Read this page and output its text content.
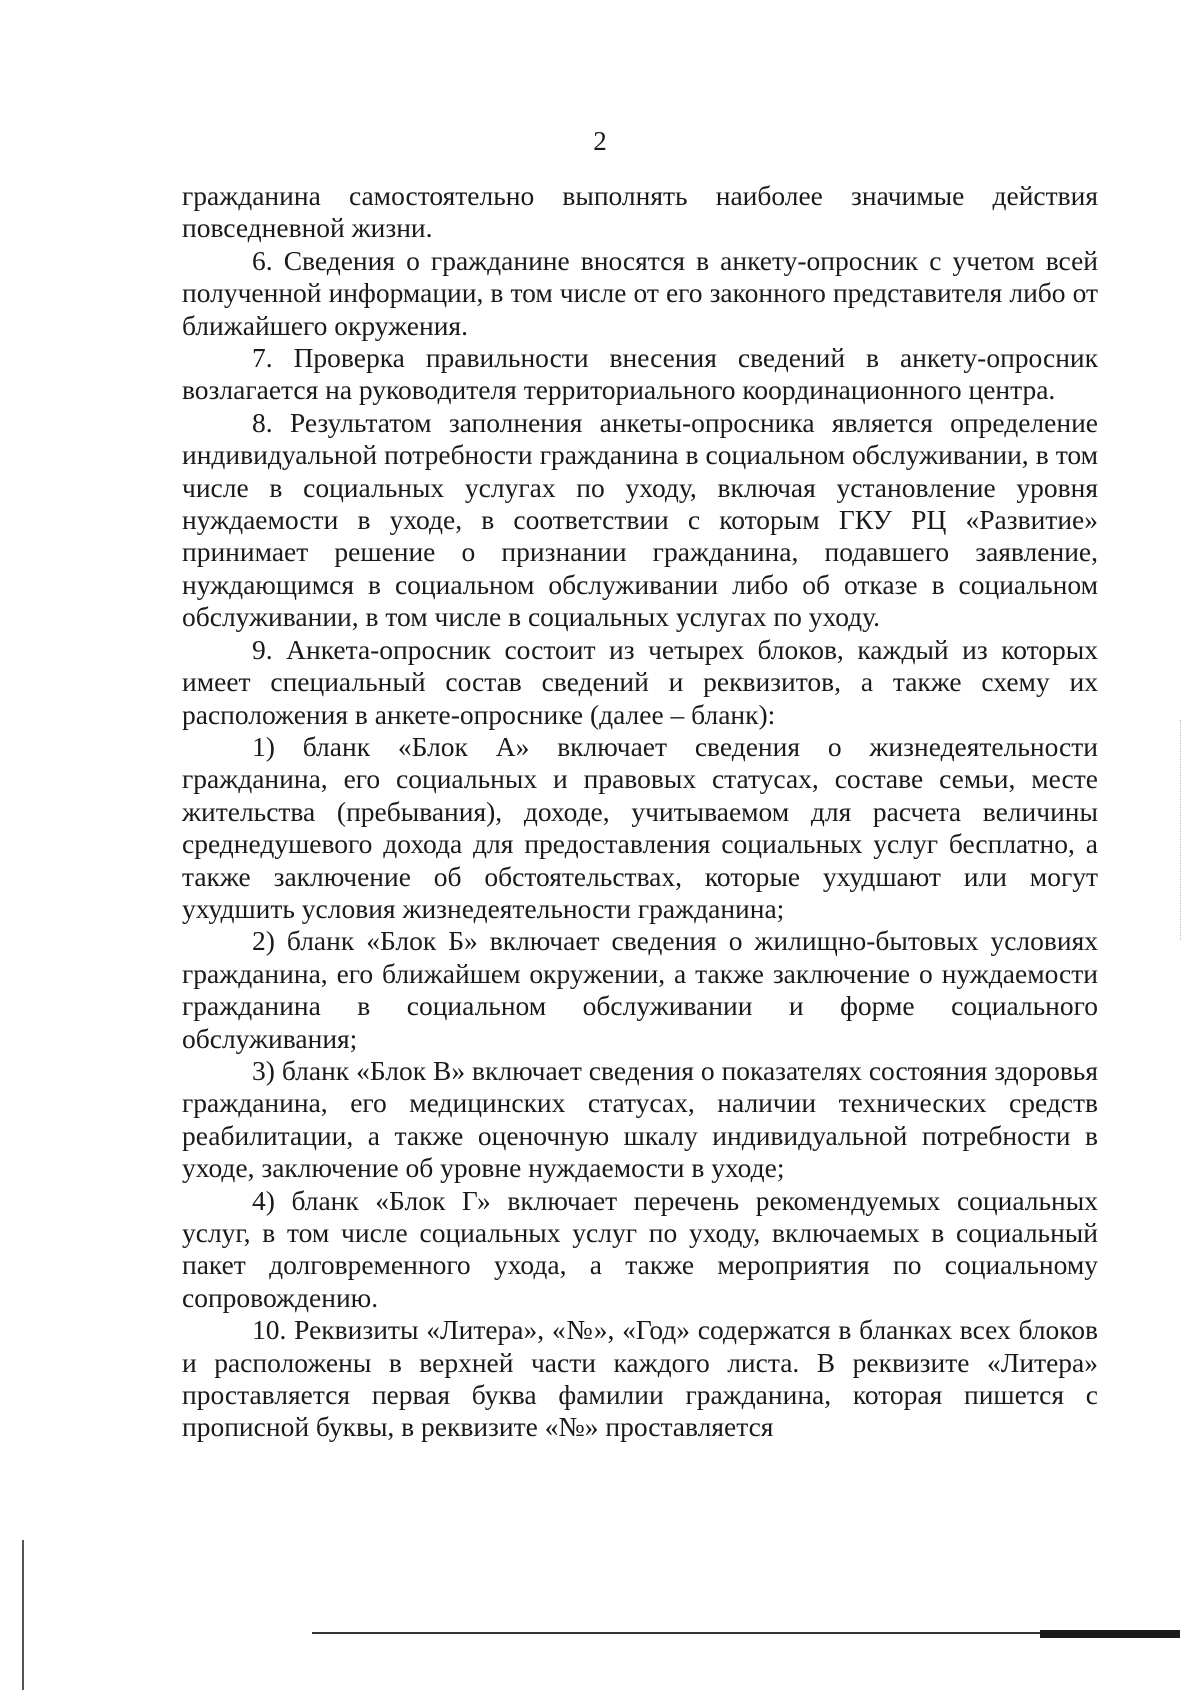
2

гражданина самостоятельно выполнять наиболее значимые действия повседневной жизни.

6. Сведения о гражданине вносятся в анкету-опросник с учетом всей полученной информации, в том числе от его законного представителя либо от ближайшего окружения.

7. Проверка правильности внесения сведений в анкету-опросник возлагается на руководителя территориального координационного центра.

8. Результатом заполнения анкеты-опросника является определение индивидуальной потребности гражданина в социальном обслуживании, в том числе в социальных услугах по уходу, включая установление уровня нуждаемости в уходе, в соответствии с которым ГКУ РЦ «Развитие» принимает решение о признании гражданина, подавшего заявление, нуждающимся в социальном обслуживании либо об отказе в социальном обслуживании, в том числе в социальных услугах по уходу.

9. Анкета-опросник состоит из четырех блоков, каждый из которых имеет специальный состав сведений и реквизитов, а также схему их расположения в анкете-опроснике (далее – бланк):

1) бланк «Блок А» включает сведения о жизнедеятельности гражданина, его социальных и правовых статусах, составе семьи, месте жительства (пребывания), доходе, учитываемом для расчета величины среднедушевого дохода для предоставления социальных услуг бесплатно, а также заключение об обстоятельствах, которые ухудшают или могут ухудшить условия жизнедеятельности гражданина;

2) бланк «Блок Б» включает сведения о жилищно-бытовых условиях гражданина, его ближайшем окружении, а также заключение о нуждаемости гражданина в социальном обслуживании и форме социального обслуживания;

3) бланк «Блок В» включает сведения о показателях состояния здоровья гражданина, его медицинских статусах, наличии технических средств реабилитации, а также оценочную шкалу индивидуальной потребности в уходе, заключение об уровне нуждаемости в уходе;

4) бланк «Блок Г» включает перечень рекомендуемых социальных услуг, в том числе социальных услуг по уходу, включаемых в социальный пакет долговременного ухода, а также мероприятия по социальному сопровождению.

10. Реквизиты «Литера», «№», «Год» содержатся в бланках всех блоков и расположены в верхней части каждого листа. В реквизите «Литера» проставляется первая буква фамилии гражданина, которая пишется с прописной буквы, в реквизите «№» проставляется
